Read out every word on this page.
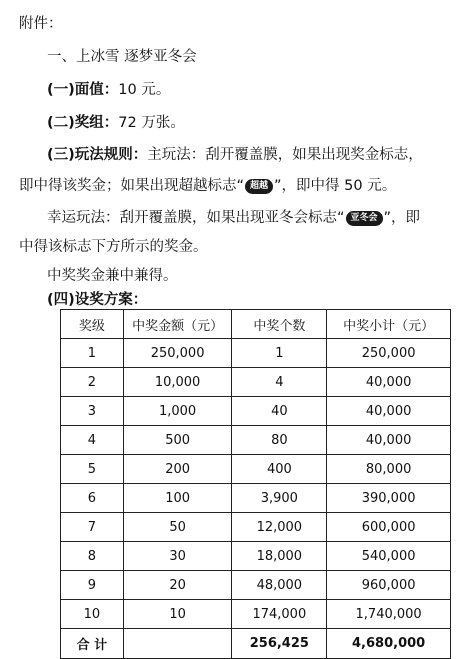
附件：
一、上冰雪 逐梦亚冬会
(一)面值：10 元。
(二)奖组：72 万张。
(三)玩法规则：主玩法：刮开覆盖膜，如果出现奖金标志，
即中得该奖金；如果出现超越标志“ 超越 ”，即中得 50 元。
幸运玩法：刮开覆盖膜，如果出现亚冬会标志“ 亚冬会 ”，即
中得该标志下方所示的奖金。
中奖奖金兼中兼得。
(四)设奖方案：
奖级	中奖金额（元）	中奖个数	中奖小计（元）
1	250,000	1	250,000
2	10,000	4	40,000
3	1,000	40	40,000
4	500	80	40,000
5	200	400	80,000
6	100	3,900	390,000
7	50	12,000	600,000
8	30	18,000	540,000
9	20	48,000	960,000
10	10	174,000	1,740,000
合 计		256,425	4,680,000
